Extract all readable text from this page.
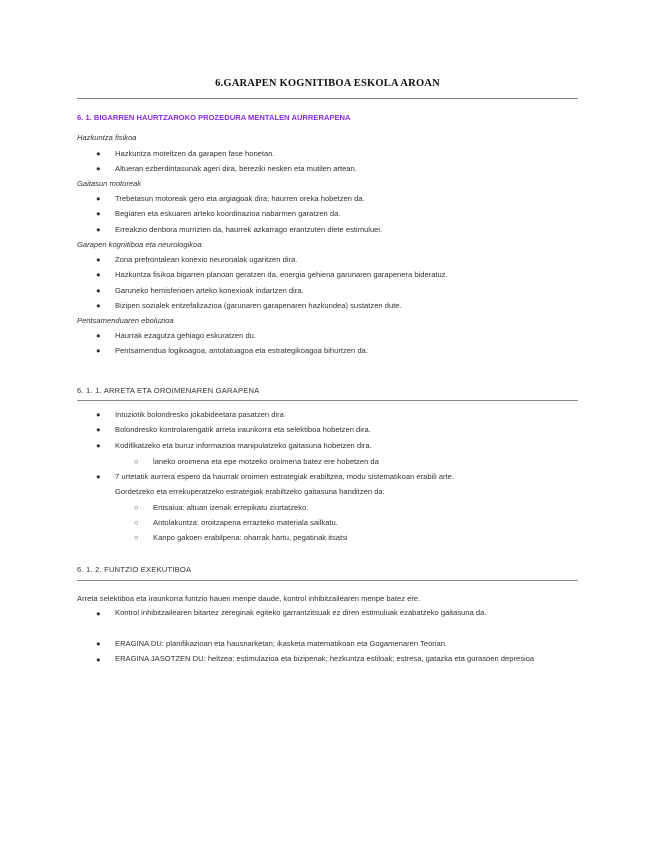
6.GARAPEN KOGNITIBOA ESKOLA AROAN
6. 1. BIGARREN HAURTZAROKO PROZEDURA MENTALEN AURRERAPENA
Hazkuntza fisikoa
● Hazkuntza moteltzen da garapen fase honetan.
● Altueran ezberdintasunak ageri dira, bereziki nesken eta mutilen artean.
Gaitasun motoreak
● Trebetasun motoreak gero eta argiagoak dira; haurren oreka hobetzen da.
● Begiaren eta eskuaren arteko koordinazioa nabarmen garatzen da.
● Erreakzio denbora murrizten da, haurrek azkarrago erantzuten diete estimuluei.
Garapen kognitiboa eta neurologikoa
● Zona prefrontalean konexio neuronalak ugaritzen dira.
● Hazkuntza fisikoa bigarren planoan geratzen da, energia gehiena garunaren garapenera bideratuz.
● Garuneko hemisferioen arteko konexioak indartzen dira.
● Bizipen sozialek entzefalizazioa (garunaren garapenaren hazkundea) sustatzen dute.
Pentsamenduaren eboluzioa
● Haurrak ezagutza gehiago eskuratzen du.
● Pentsamendua logikoagoa, antolatuagoa eta estrategikoagoa bihurtzen da.
6. 1. 1. ARRETA ETA OROIMENAREN GARAPENA
● Intuziotik bolondresko jokabideetara pasatzen dira
● Bolondresko kontrolarengatik arreta iraunkorra eta selektiboa hobetzen dira.
● Kodifikatzeko eta buruz informazioa manipulatzeko gaitasuna hobetzen dira.
○ laneko oroimena eta epe motzeko oroimena batez ere hobetzen da
● 7 urtetatik aurrera espero da haurrak oroimen estrategiak erabiltzea, modu sistematikoan erabili arte.
Gordetzeko eta errekuperatzeko estrategiak erabiltzeko gaitasuna handitzen da:
○ Entsaiua: altuan izenak errepikatu ziurtatzeko.
○ Antolakuntza: oroitzapena errazteko materiala sailkatu.
○ Kanpo gakoen erabilpena: oharrak hartu, pegatinak itsatsi
6. 1. 2. FUNTZIO EXEKUTIBOA
Arreta selektiboa eta iraunkorra funtzio hauen menpe daude, kontrol inhibitzailearen menpe batez ere.
● Kontrol inhibitzailearen bitartez zereginak egiteko garrantzitsuak ez diren estimuluak ezabatzeko gaitasuna da.
● ERAGINA DU: planifikazioan eta hausnarketan; ikasketa matematikoan eta Gogamenaren Teorian.
● ERAGINA JASOTZEN DU: heltzea; estimulazioa eta bizipenak; hezkuntza estiloak; estresa, gatazka eta gurasoen depresioa
